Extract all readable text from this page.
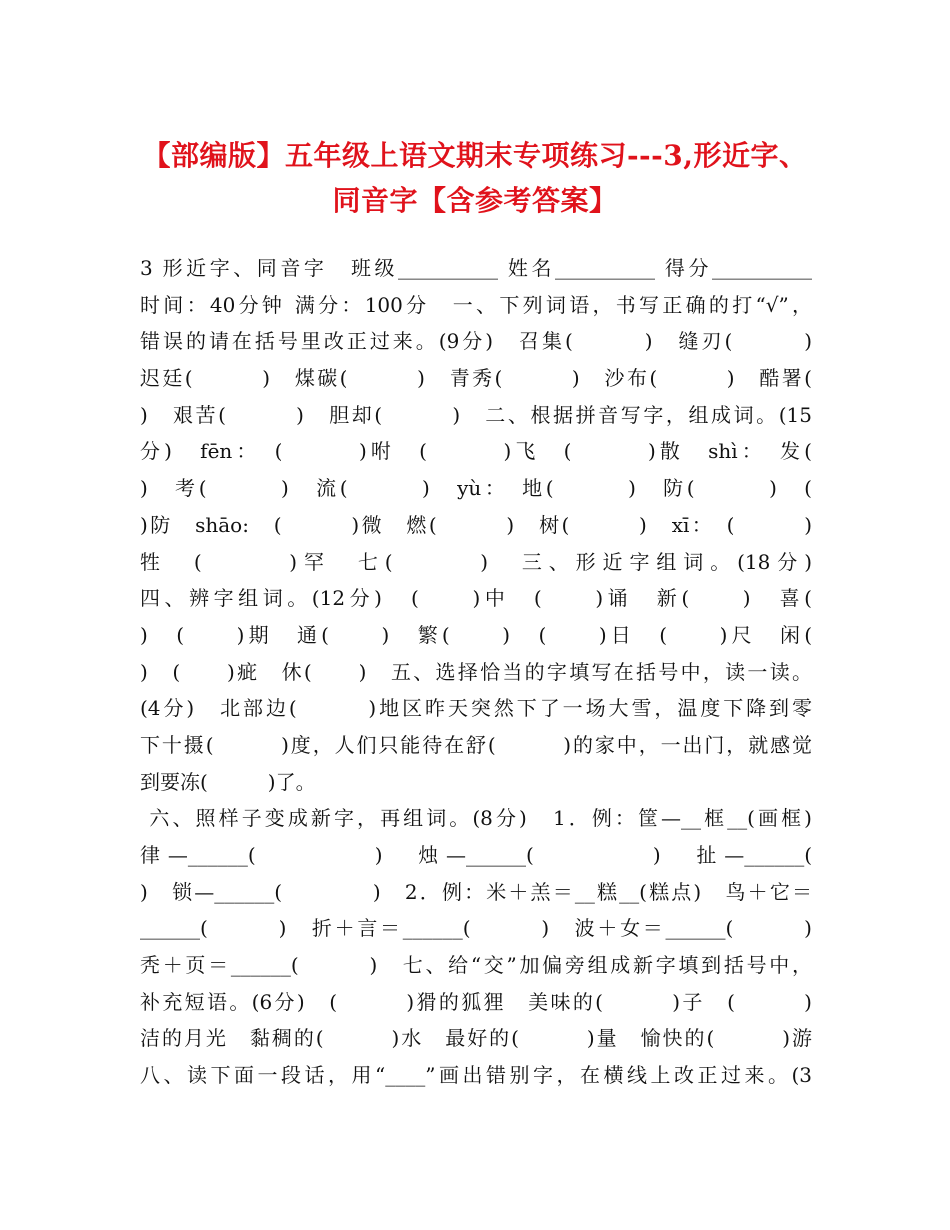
【部编版】五年级上语文期末专项练习---3,形近字、
同音字【含参考答案】
3 形近字、同音字　班级__________ 姓名__________ 得分__________
时间：40分钟 满分：100分　一、下列词语，书写正确的打“√”，
错误的请在括号里改正过来。(9分)　召集(　　　)　缝刃(　　　)
迟廷(　　　)　煤碳(　　　)　青秀(　　　)　沙布(　　　)　酷署(
)　艰苦(　　　)　胆却(　　　)　二、根据拼音写字，组成词。(15
分)　fēn：　(　　　)咐　(　　　)飞　(　　　)散　shì：　发(
)　考(　　　)　流(　　　)　yù：　地(　　　)　防(　　　)　(
)防　shāo:　(　　　)微　燃(　　　)　树(　　　)　xī：　(　　　)
牲　(　　　)罕　七(　　　)　三、形近字组词。(18分)
四、辨字组词。(12分)　(　　)中　(　　)诵　新(　　)　喜(
)　(　　)期　通(　　)　繁(　　)　(　　)日　(　　)尺　闲(
)　(　　)疵　休(　　)　五、选择恰当的字填写在括号中，读一读。
(4分)　北部边(　　　)地区昨天突然下了一场大雪，温度下降到零
下十摄(　　　)度，人们只能待在舒(　　　)的家中，一出门，就感觉
到要冻(　　　)了。
六、照样子变成新字，再组词。(8分)　1．例：筐—__框__(画框)
律—______(　　　　)　烛—______(　　　　)　扯—______(
)　锁—______(　　　　)　2．例：米＋羔＝__糕__(糕点)　鸟＋它＝
______(　　　)　折＋言＝______(　　　)　波＋女＝______(　　　)
秃＋页＝______(　　　)　七、给“交”加偏旁组成新字填到括号中，
补充短语。(6分)　(　　　)猾的狐狸　美味的(　　　)子　(　　　)
洁的月光　黏稠的(　　　)水　最好的(　　　)量　愉快的(　　　)游
八、读下面一段话，用“____”画出错别字，在横线上改正过来。(3
